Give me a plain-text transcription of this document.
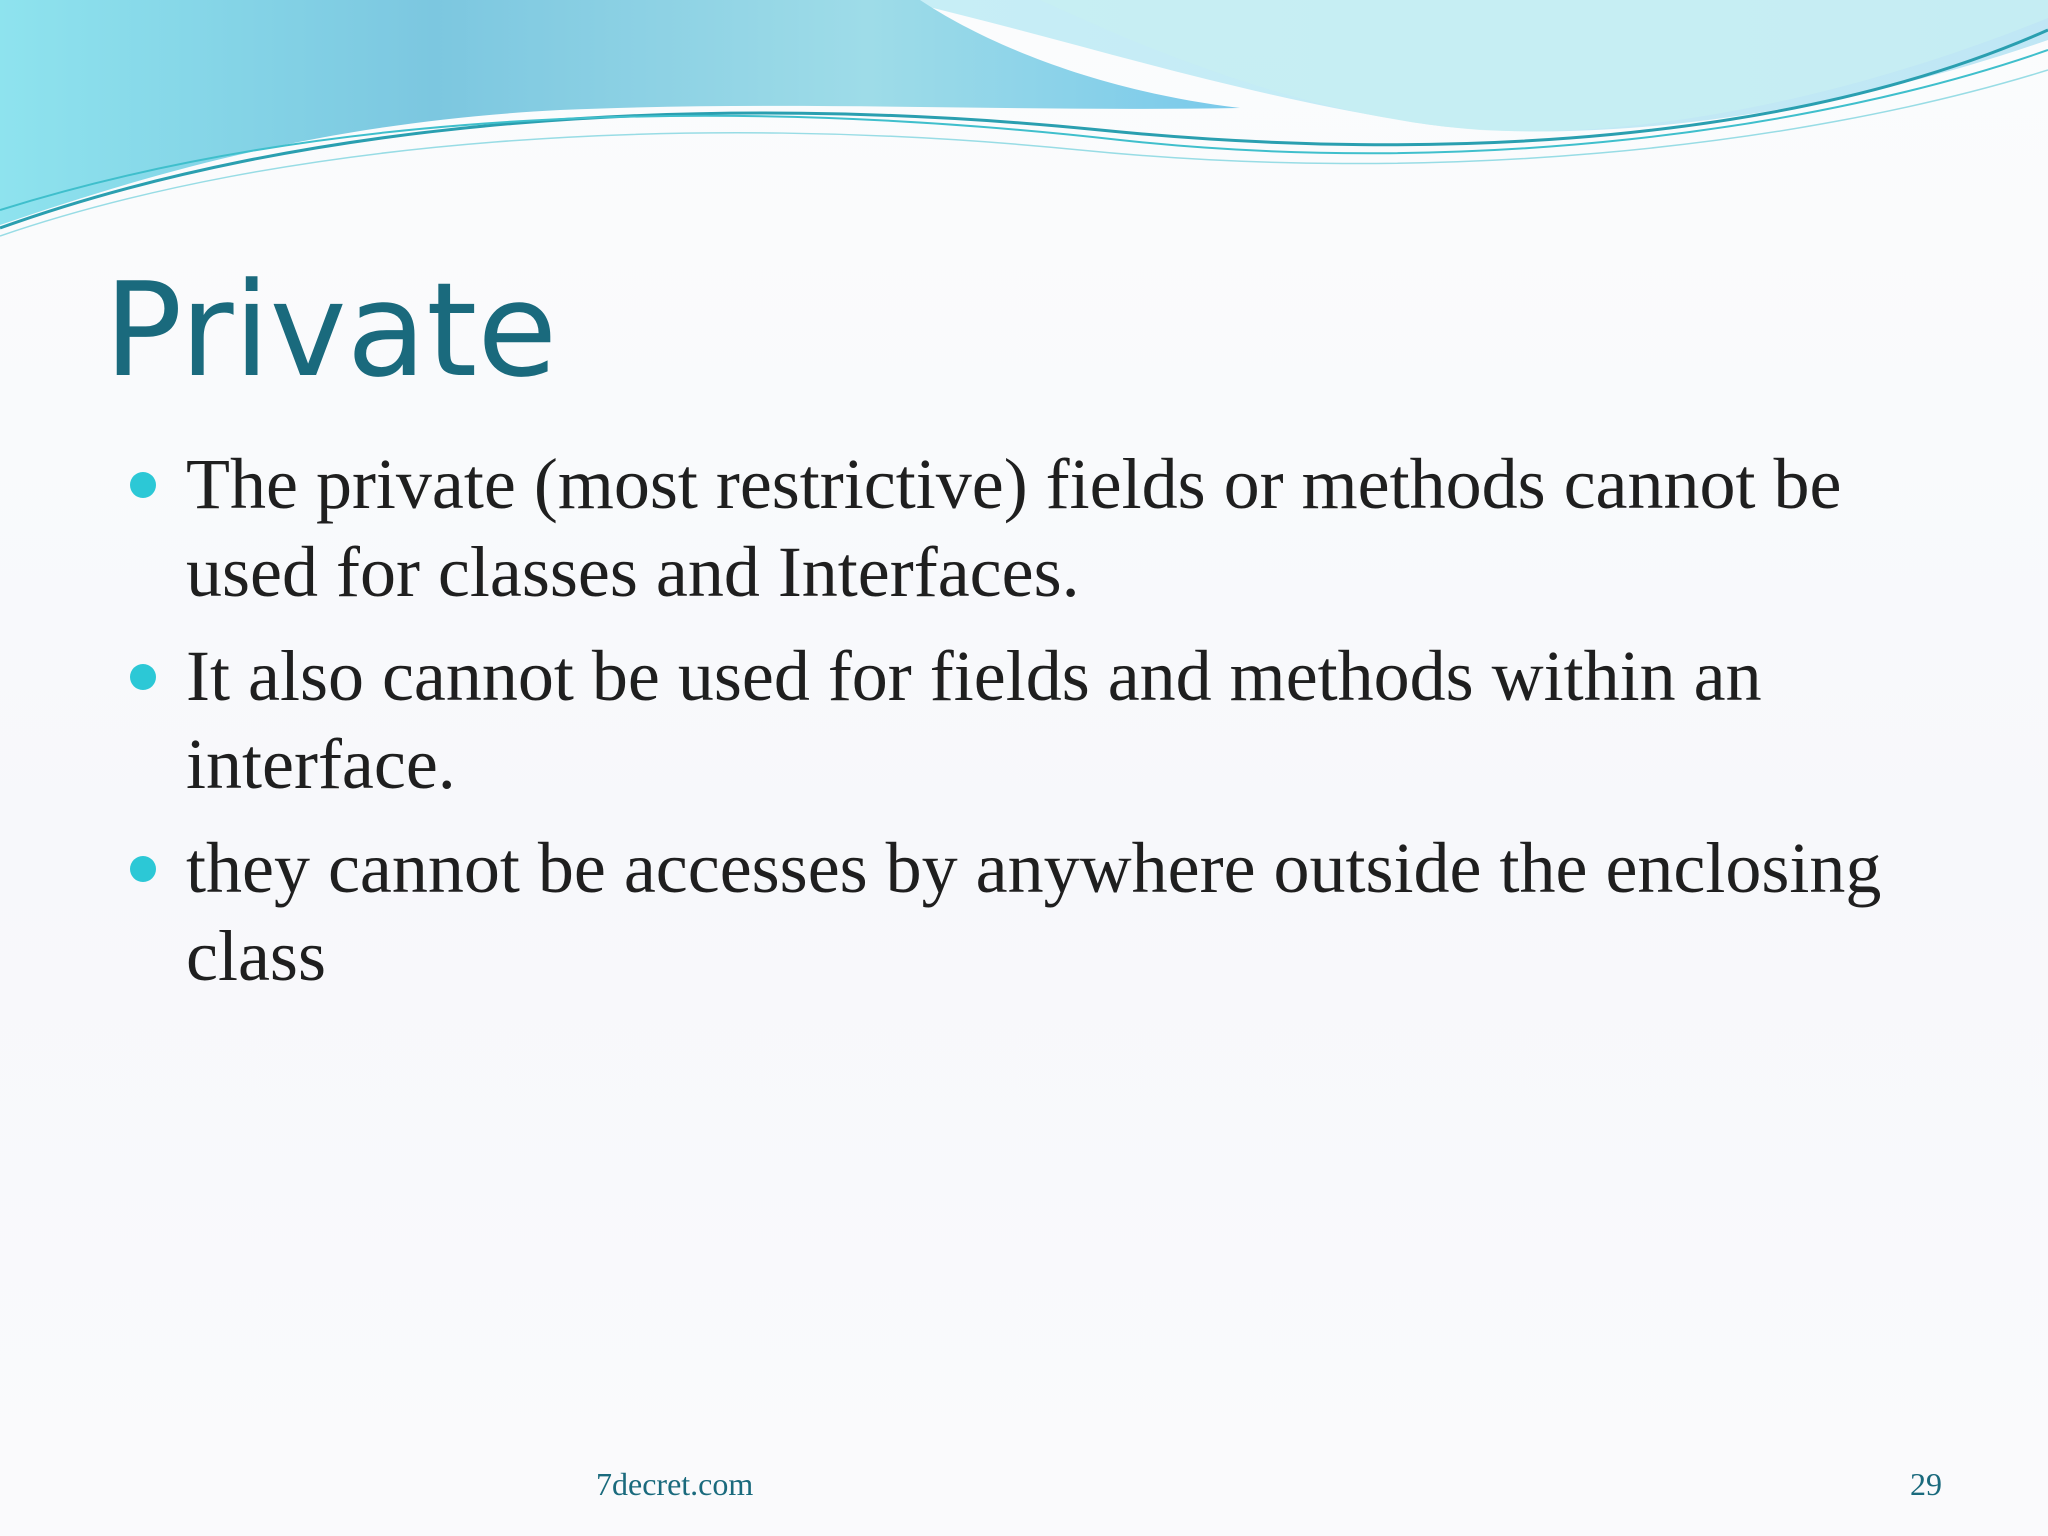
Private
The private (most restrictive) fields or methods cannot be used for classes and Interfaces.
It also cannot be used for fields and methods within an interface.
they cannot be accesses by anywhere outside the enclosing class
7decret.com	29
